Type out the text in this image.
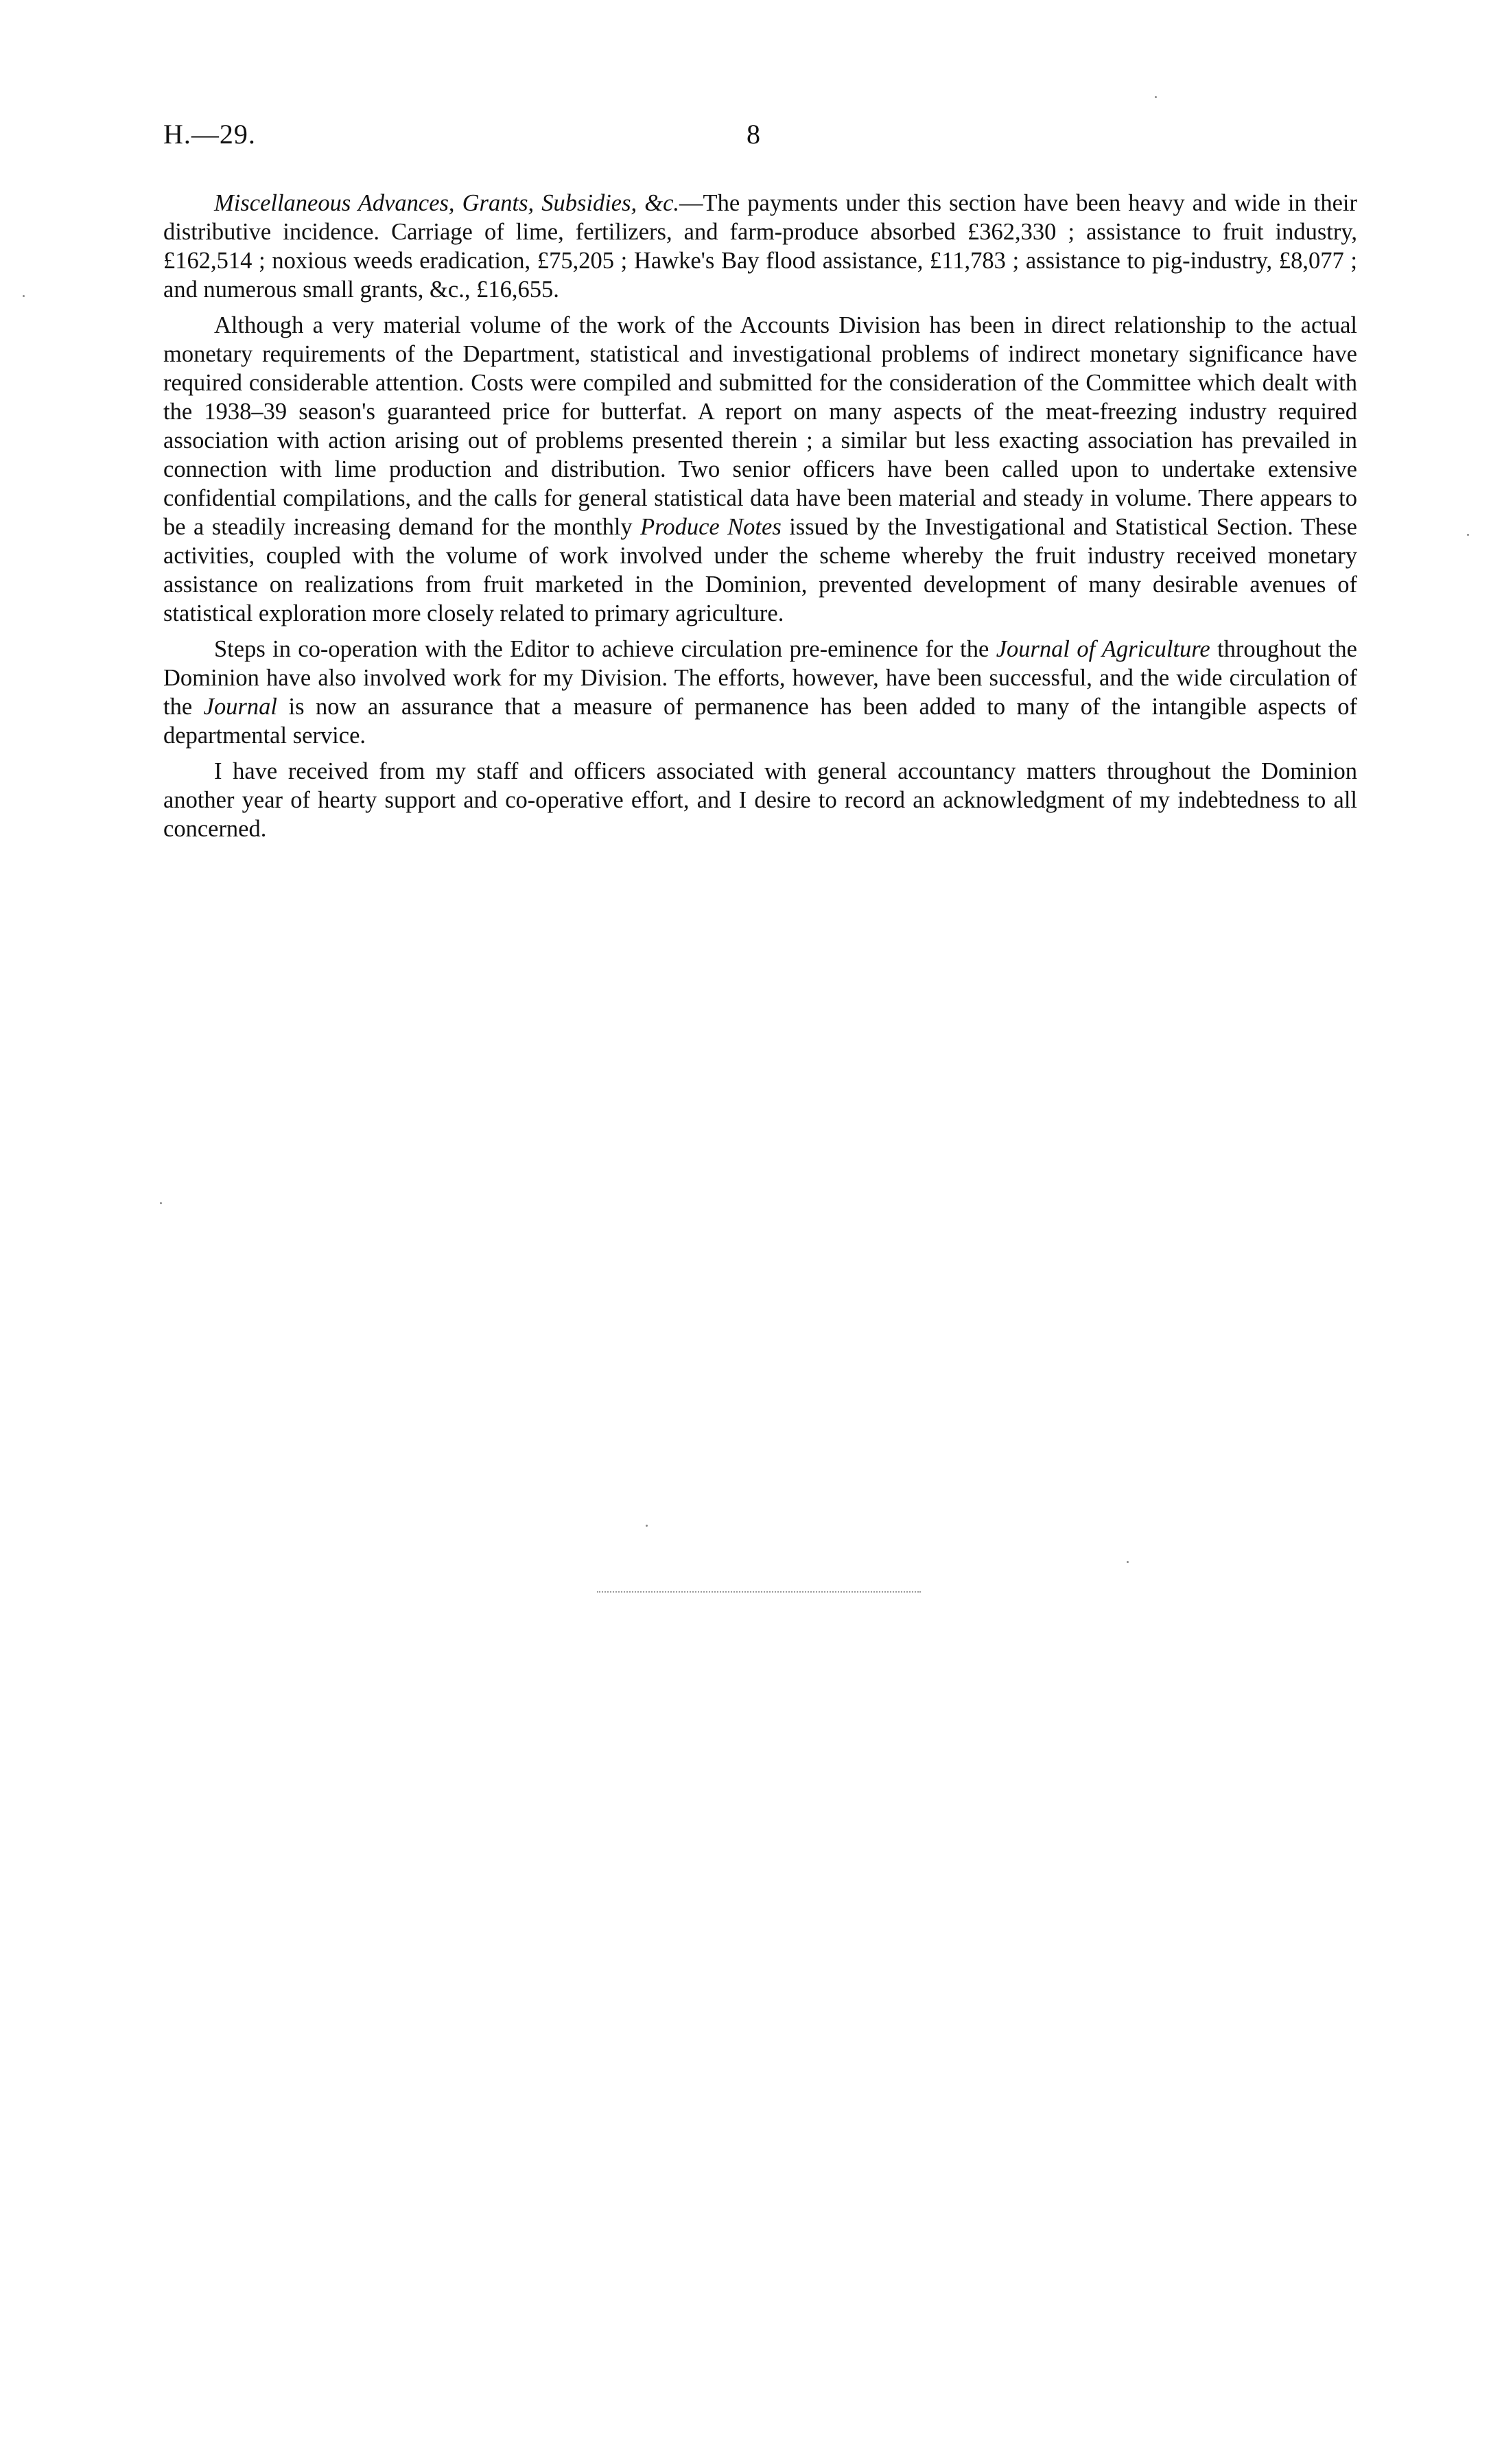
H.—29.	8

Miscellaneous Advances, Grants, Subsidies, &c.—The payments under this section have been heavy and wide in their distributive incidence. Carriage of lime, fertilizers, and farm-produce absorbed £362,330 ; assistance to fruit industry, £162,514 ; noxious weeds eradication, £75,205 ; Hawke's Bay flood assistance, £11,783 ; assistance to pig-industry, £8,077 ; and numerous small grants, &c., £16,655.

Although a very material volume of the work of the Accounts Division has been in direct relationship to the actual monetary requirements of the Department, statistical and investigational problems of indirect monetary significance have required considerable attention. Costs were compiled and submitted for the consideration of the Committee which dealt with the 1938–39 season's guaranteed price for butterfat. A report on many aspects of the meat-freezing industry required association with action arising out of problems presented therein ; a similar but less exacting association has prevailed in connection with lime production and distribution. Two senior officers have been called upon to undertake extensive confidential compilations, and the calls for general statistical data have been material and steady in volume. There appears to be a steadily increasing demand for the monthly Produce Notes issued by the Investigational and Statistical Section. These activities, coupled with the volume of work involved under the scheme whereby the fruit industry received monetary assistance on realizations from fruit marketed in the Dominion, prevented development of many desirable avenues of statistical exploration more closely related to primary agriculture.

Steps in co-operation with the Editor to achieve circulation pre-eminence for the Journal of Agriculture throughout the Dominion have also involved work for my Division. The efforts, however, have been successful, and the wide circulation of the Journal is now an assurance that a measure of permanence has been added to many of the intangible aspects of departmental service.

I have received from my staff and officers associated with general accountancy matters throughout the Dominion another year of hearty support and co-operative effort, and I desire to record an acknowledgment of my indebtedness to all concerned.
